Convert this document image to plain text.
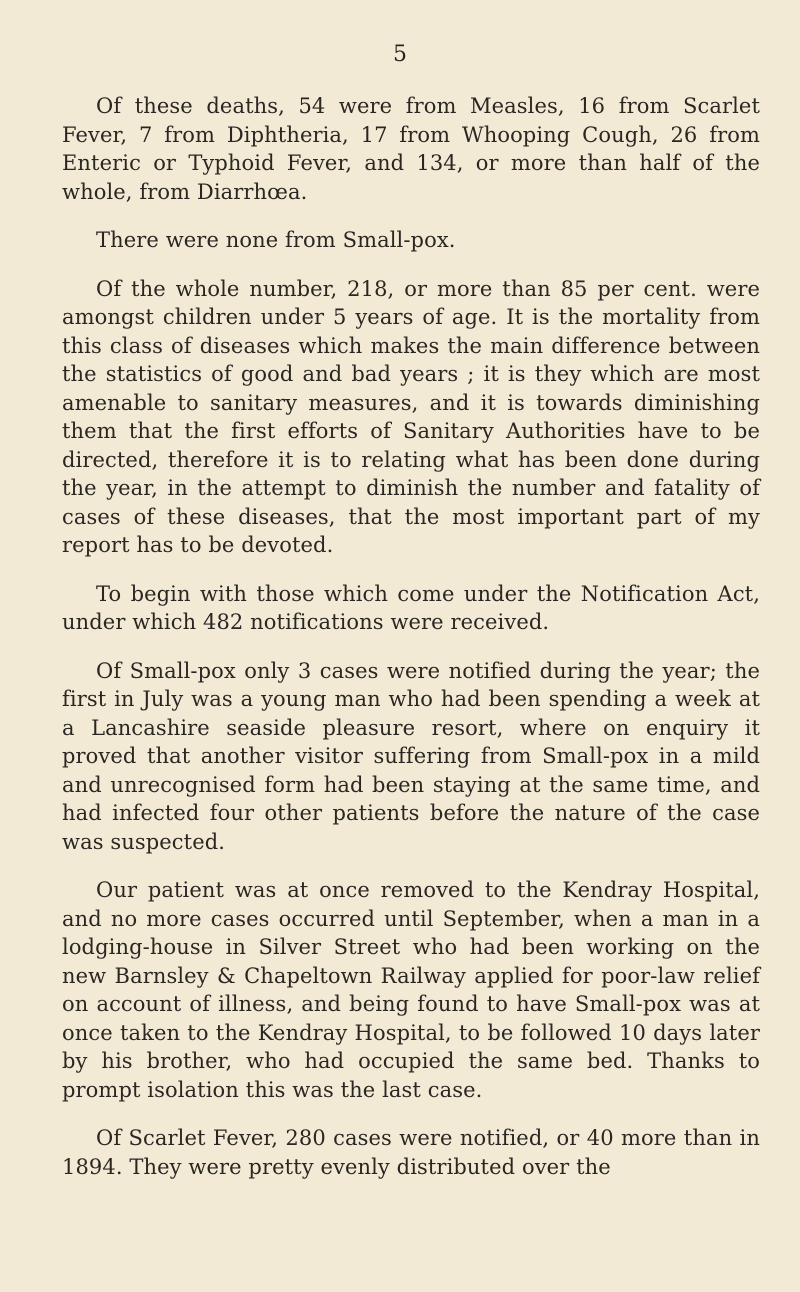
5

Of these deaths, 54 were from Measles, 16 from Scarlet Fever, 7 from Diphtheria, 17 from Whooping Cough, 26 from Enteric or Typhoid Fever, and 134, or more than half of the whole, from Diarrhœa.

There were none from Small-pox.

Of the whole number, 218, or more than 85 per cent. were amongst children under 5 years of age. It is the mortality from this class of diseases which makes the main difference between the statistics of good and bad years ; it is they which are most amenable to sanitary measures, and it is towards diminishing them that the first efforts of Sanitary Authorities have to be directed, therefore it is to relating what has been done during the year, in the attempt to diminish the number and fatality of cases of these diseases, that the most important part of my report has to be devoted.

To begin with those which come under the Notification Act, under which 482 notifications were received.

Of Small-pox only 3 cases were notified during the year; the first in July was a young man who had been spending a week at a Lancashire seaside pleasure resort, where on enquiry it proved that another visitor suffering from Small-pox in a mild and unrecognised form had been staying at the same time, and had infected four other patients before the nature of the case was suspected.

Our patient was at once removed to the Kendray Hospital, and no more cases occurred until September, when a man in a lodging-house in Silver Street who had been working on the new Barnsley & Chapeltown Railway applied for poor-law relief on account of illness, and being found to have Small-pox was at once taken to the Kendray Hospital, to be followed 10 days later by his brother, who had occupied the same bed. Thanks to prompt isolation this was the last case.

Of Scarlet Fever, 280 cases were notified, or 40 more than in 1894. They were pretty evenly distributed over the
